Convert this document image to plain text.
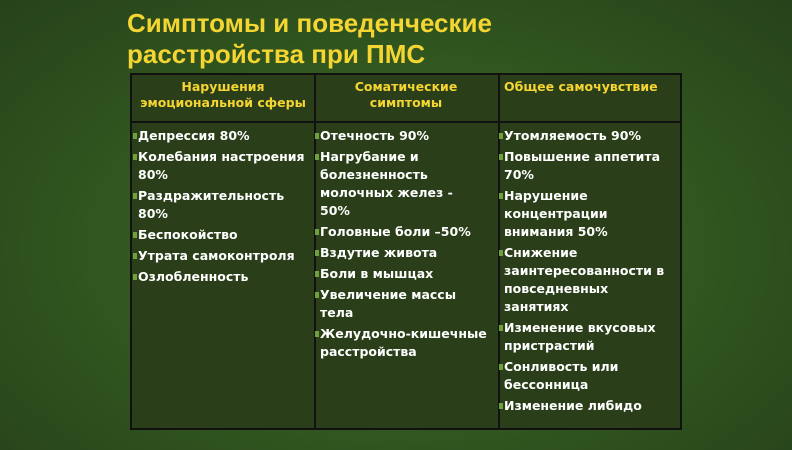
Симптомы и поведенческие
расстройства при ПМС
Нарушения
эмоциональной сферы
Депрессия 80%
Колебания настроения
80%
Раздражительность
80%
Беспокойство
Утрата самоконтроля
Озлобленность
Соматические
симптомы
Отечность 90%
Нагрубание и
болезненность
молочных желез -
50%
Головные боли –50%
Вздутие живота
Боли в мышцах
Увеличение массы
тела
Желудочно-кишечные
расстройства
Общее самочувствие
Утомляемость 90%
Повышение аппетита
70%
Нарушение
концентрации
внимания 50%
Снижение
заинтересованности в
повседневных
занятиях
Изменение вкусовых
пристрастий
Сонливость или
бессонница
Изменение либидо
